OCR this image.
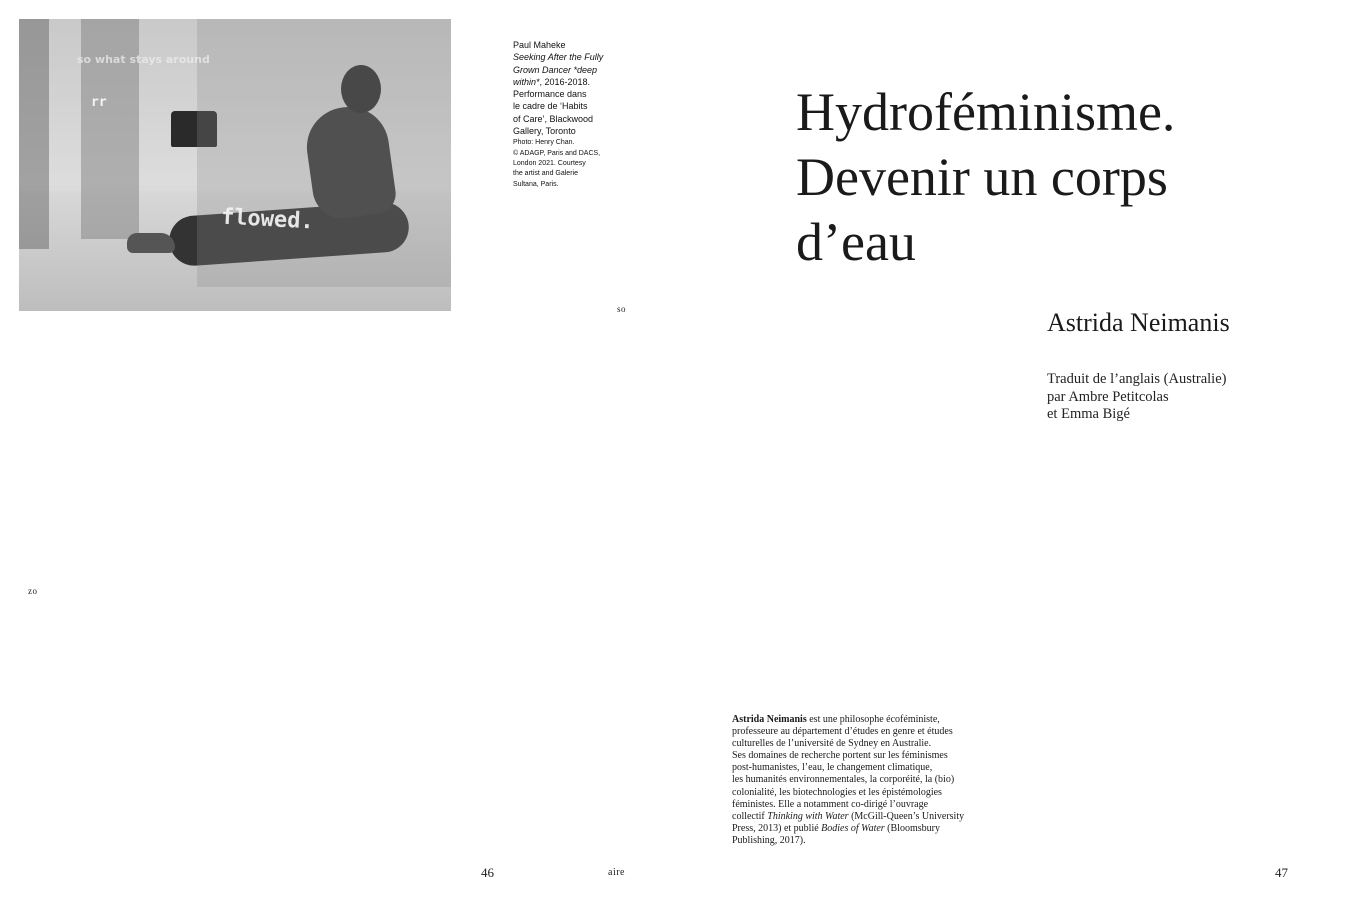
so what stays around
rr
flowed.
Paul Maheke
Seeking After the Fully
Grown Dancer *deep
within*, 2016-2018.
Performance dans
le cadre de ‘Habits
of Care’, Blackwood
Gallery, Toronto
Photo: Henry Chan.
© ADAGP, Paris and DACS,
London 2021. Courtesy
the artist and Galerie
Sultana, Paris.
so
zo
aire
Hydroféminisme.
Devenir un corps
d’eau
Astrida Neimanis
Traduit de l’anglais (Australie)
par Ambre Petitcolas
et Emma Bigé
Astrida Neimanis est une philosophe écoféministe,
professeure au département d’études en genre et études
culturelles de l’université de Sydney en Australie.
Ses domaines de recherche portent sur les féminismes
post-humanistes, l’eau, le changement climatique,
les humanités environnementales, la corporéité, la (bio)
colonialité, les biotechnologies et les épistémologies
féministes. Elle a notamment co-dirigé l’ouvrage
collectif Thinking with Water (McGill-Queen’s University
Press, 2013) et publié Bodies of Water (Bloomsbury
Publishing, 2017).
46	47
